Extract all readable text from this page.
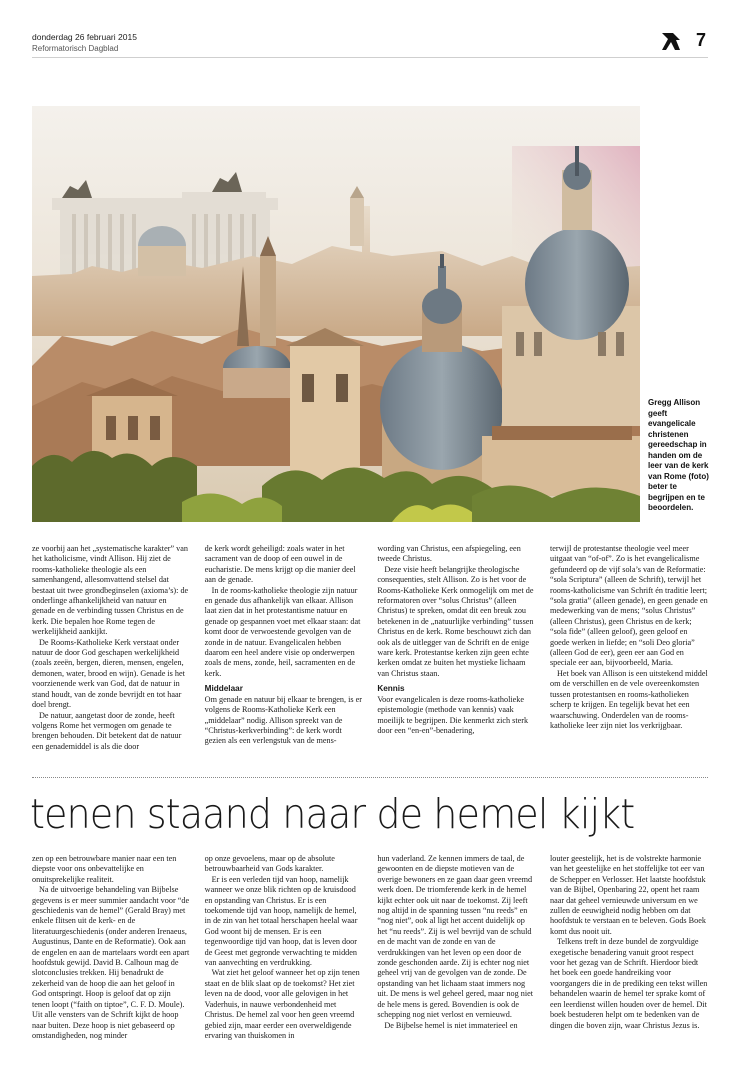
donderdag 26 februari 2015
Reformatorisch Dagblad	7
Gregg Allison geeft evangelicale christenen gereedschap in handen om de leer van de kerk van Rome (foto) beter te begrijpen en te beoordelen.

ze voorbij aan het „systematische karakter” van het katholicisme, vindt Allison. Hij ziet de rooms-katholieke theologie als een samenhangend, allesomvattend stelsel dat bestaat uit twee grondbeginselen (axioma’s): de onderlinge afhankelijkheid van natuur en genade en de verbinding tussen Christus en de kerk. Die bepalen hoe Rome tegen de werkelijkheid aankijkt.

De Rooms-Katholieke Kerk verstaat onder natuur de door God geschapen werkelijkheid (zoals zeeën, bergen, dieren, mensen, engelen, demonen, water, brood en wijn). Genade is het voorzienende werk van God, dat de natuur in stand houdt, van de zonde bevrijdt en tot haar doel brengt.

De natuur, aangetast door de zonde, heeft volgens Rome het vermogen om genade te brengen behouden. Dit betekent dat de natuur een genademiddel is als die door

de kerk wordt geheiligd: zoals water in het sacrament van de doop of een ouwel in de eucharistie. De mens krijgt op die manier deel aan de genade.

In de rooms-katholieke theologie zijn natuur en genade dus afhankelijk van elkaar. Allison laat zien dat in het protestantisme natuur en genade op gespannen voet met elkaar staan: dat komt door de verwoestende gevolgen van de zonde in de natuur. Evangelicalen hebben daarom een heel andere visie op onderwerpen zoals de mens, zonde, heil, sacramenten en de kerk.

Middelaar

Om genade en natuur bij elkaar te brengen, is er volgens de Rooms-Katholieke Kerk een „middelaar” nodig. Allison spreekt van de “Christus-kerkverbinding”: de kerk wordt gezien als een verlengstuk van de mens-

wording van Christus, een afspiegeling, een tweede Christus.

Deze visie heeft belangrijke theologische consequenties, stelt Allison. Zo is het voor de Rooms-Katholieke Kerk onmogelijk om met de reformatoren over “solus Christus” (alleen Christus) te spreken, omdat dit een breuk zou betekenen in de „natuurlijke verbinding” tussen Christus en de kerk. Rome beschouwt zich dan ook als de uitlegger van de Schrift en de enige ware kerk. Protestantse kerken zijn geen echte kerken omdat ze buiten het mystieke lichaam van Christus staan.

Kennis

Voor evangelicalen is deze rooms-katholieke epistemologie (methode van kennis) vaak moeilijk te begrijpen. Die kenmerkt zich sterk door een “en-en”-benadering,

terwijl de protestantse theologie veel meer uitgaat van “of-of”. Zo is het evangelicalisme gefundeerd op de vijf sola’s van de Reformatie: “sola Scriptura” (alleen de Schrift), terwijl het rooms-katholicisme van Schrift én traditie leert; “sola gratia” (alleen genade), en geen genade en medewerking van de mens; “solus Christus” (alleen Christus), geen Christus en de kerk; “sola fide” (alleen geloof), geen geloof en goede werken in liefde; en “soli Deo gloria” (alleen God de eer), geen eer aan God en speciale eer aan, bijvoorbeeld, Maria.

Het boek van Allison is een uitstekend middel om de verschillen en de vele overeenkomsten tussen protestantsen en rooms-katholieken scherp te krijgen. En tegelijk bevat het een waarschuwing. Onderdelen van de rooms-katholieke leer zijn niet los verkrijgbaar.

tenen staand naar de hemel kijkt

zen op een betrouwbare manier naar een ten diepste voor ons onbevattelijke en onuitsprekelijke realiteit.

Na de uitvoerige behandeling van Bijbelse gegevens is er meer summier aandacht voor “de geschiedenis van de hemel” (Gerald Bray) met enkele flitsen uit de kerk- en de literatuurgeschiedenis (onder anderen Irenaeus, Augustinus, Dante en de Reformatie). Ook aan de engelen en aan de martelaars wordt een apart hoofdstuk gewijd. David B. Calhoun mag de slotconclusies trekken. Hij benadrukt de zekerheid van de hoop die aan het geloof in God ontspringt. Hoop is geloof dat op zijn tenen loopt (“faith on tiptoe”, C. F. D. Moule). Uit alle vensters van de Schrift kijkt de hoop naar buiten. Deze hoop is niet gebaseerd op omstandigheden, nog minder

op onze gevoelens, maar op de absolute betrouwbaarheid van Gods karakter.

Er is een verleden tijd van hoop, namelijk wanneer we onze blik richten op de kruisdood en opstanding van Christus. Er is een toekomende tijd van hoop, namelijk de hemel, in de zin van het totaal herschapen heelal waar God woont bij de mensen. Er is een tegenwoordige tijd van hoop, dat is leven door de Geest met gegronde verwachting te midden van aanvechting en verdrukking.

Wat ziet het geloof wanneer het op zijn tenen staat en de blik slaat op de toekomst? Het ziet leven na de dood, voor alle gelovigen in het Vaderhuis, in nauwe verbondenheid met Christus. De hemel zal voor hen geen vreemd gebied zijn, maar eerder een overweldigende ervaring van thuiskomen in

hun vaderland. Ze kennen immers de taal, de gewoonten en de diepste motieven van de overige bewoners en ze gaan daar geen vreemd werk doen. De triomferende kerk in de hemel kijkt echter ook uit naar de toekomst. Zij leeft nog altijd in de spanning tussen “nu reeds” en “nog niet”, ook al ligt het accent duidelijk op het “nu reeds”. Zij is wel bevrijd van de schuld en de macht van de zonde en van de verdrukkingen van het leven op een door de zonde geschonden aarde. Zij is echter nog niet geheel vrij van de gevolgen van de zonde. De opstanding van het lichaam staat immers nog uit. De mens is wel geheel gered, maar nog niet de hele mens is gered. Bovendien is ook de schepping nog niet verlost en vernieuwd.

De Bijbelse hemel is niet immaterieel en

louter geestelijk, het is de volstrekte harmonie van het geestelijke en het stoffelijke tot eer van de Schepper en Verlosser. Het laatste hoofdstuk van de Bijbel, Openbaring 22, opent het raam naar dat geheel vernieuwde universum en we zullen de eeuwigheid nodig hebben om dat hoofdstuk te verstaan en te beleven. Gods Boek komt dus nooit uit.

Telkens treft in deze bundel de zorgvuldige exegetische benadering vanuit groot respect voor het gezag van de Schrift. Hierdoor biedt het boek een goede handreiking voor voorgangers die in de prediking een tekst willen behandelen waarin de hemel ter sprake komt of een leerdienst willen houden over de hemel. Dit boek bestuderen helpt om te bedenken van de dingen die boven zijn, waar Christus Jezus is.
